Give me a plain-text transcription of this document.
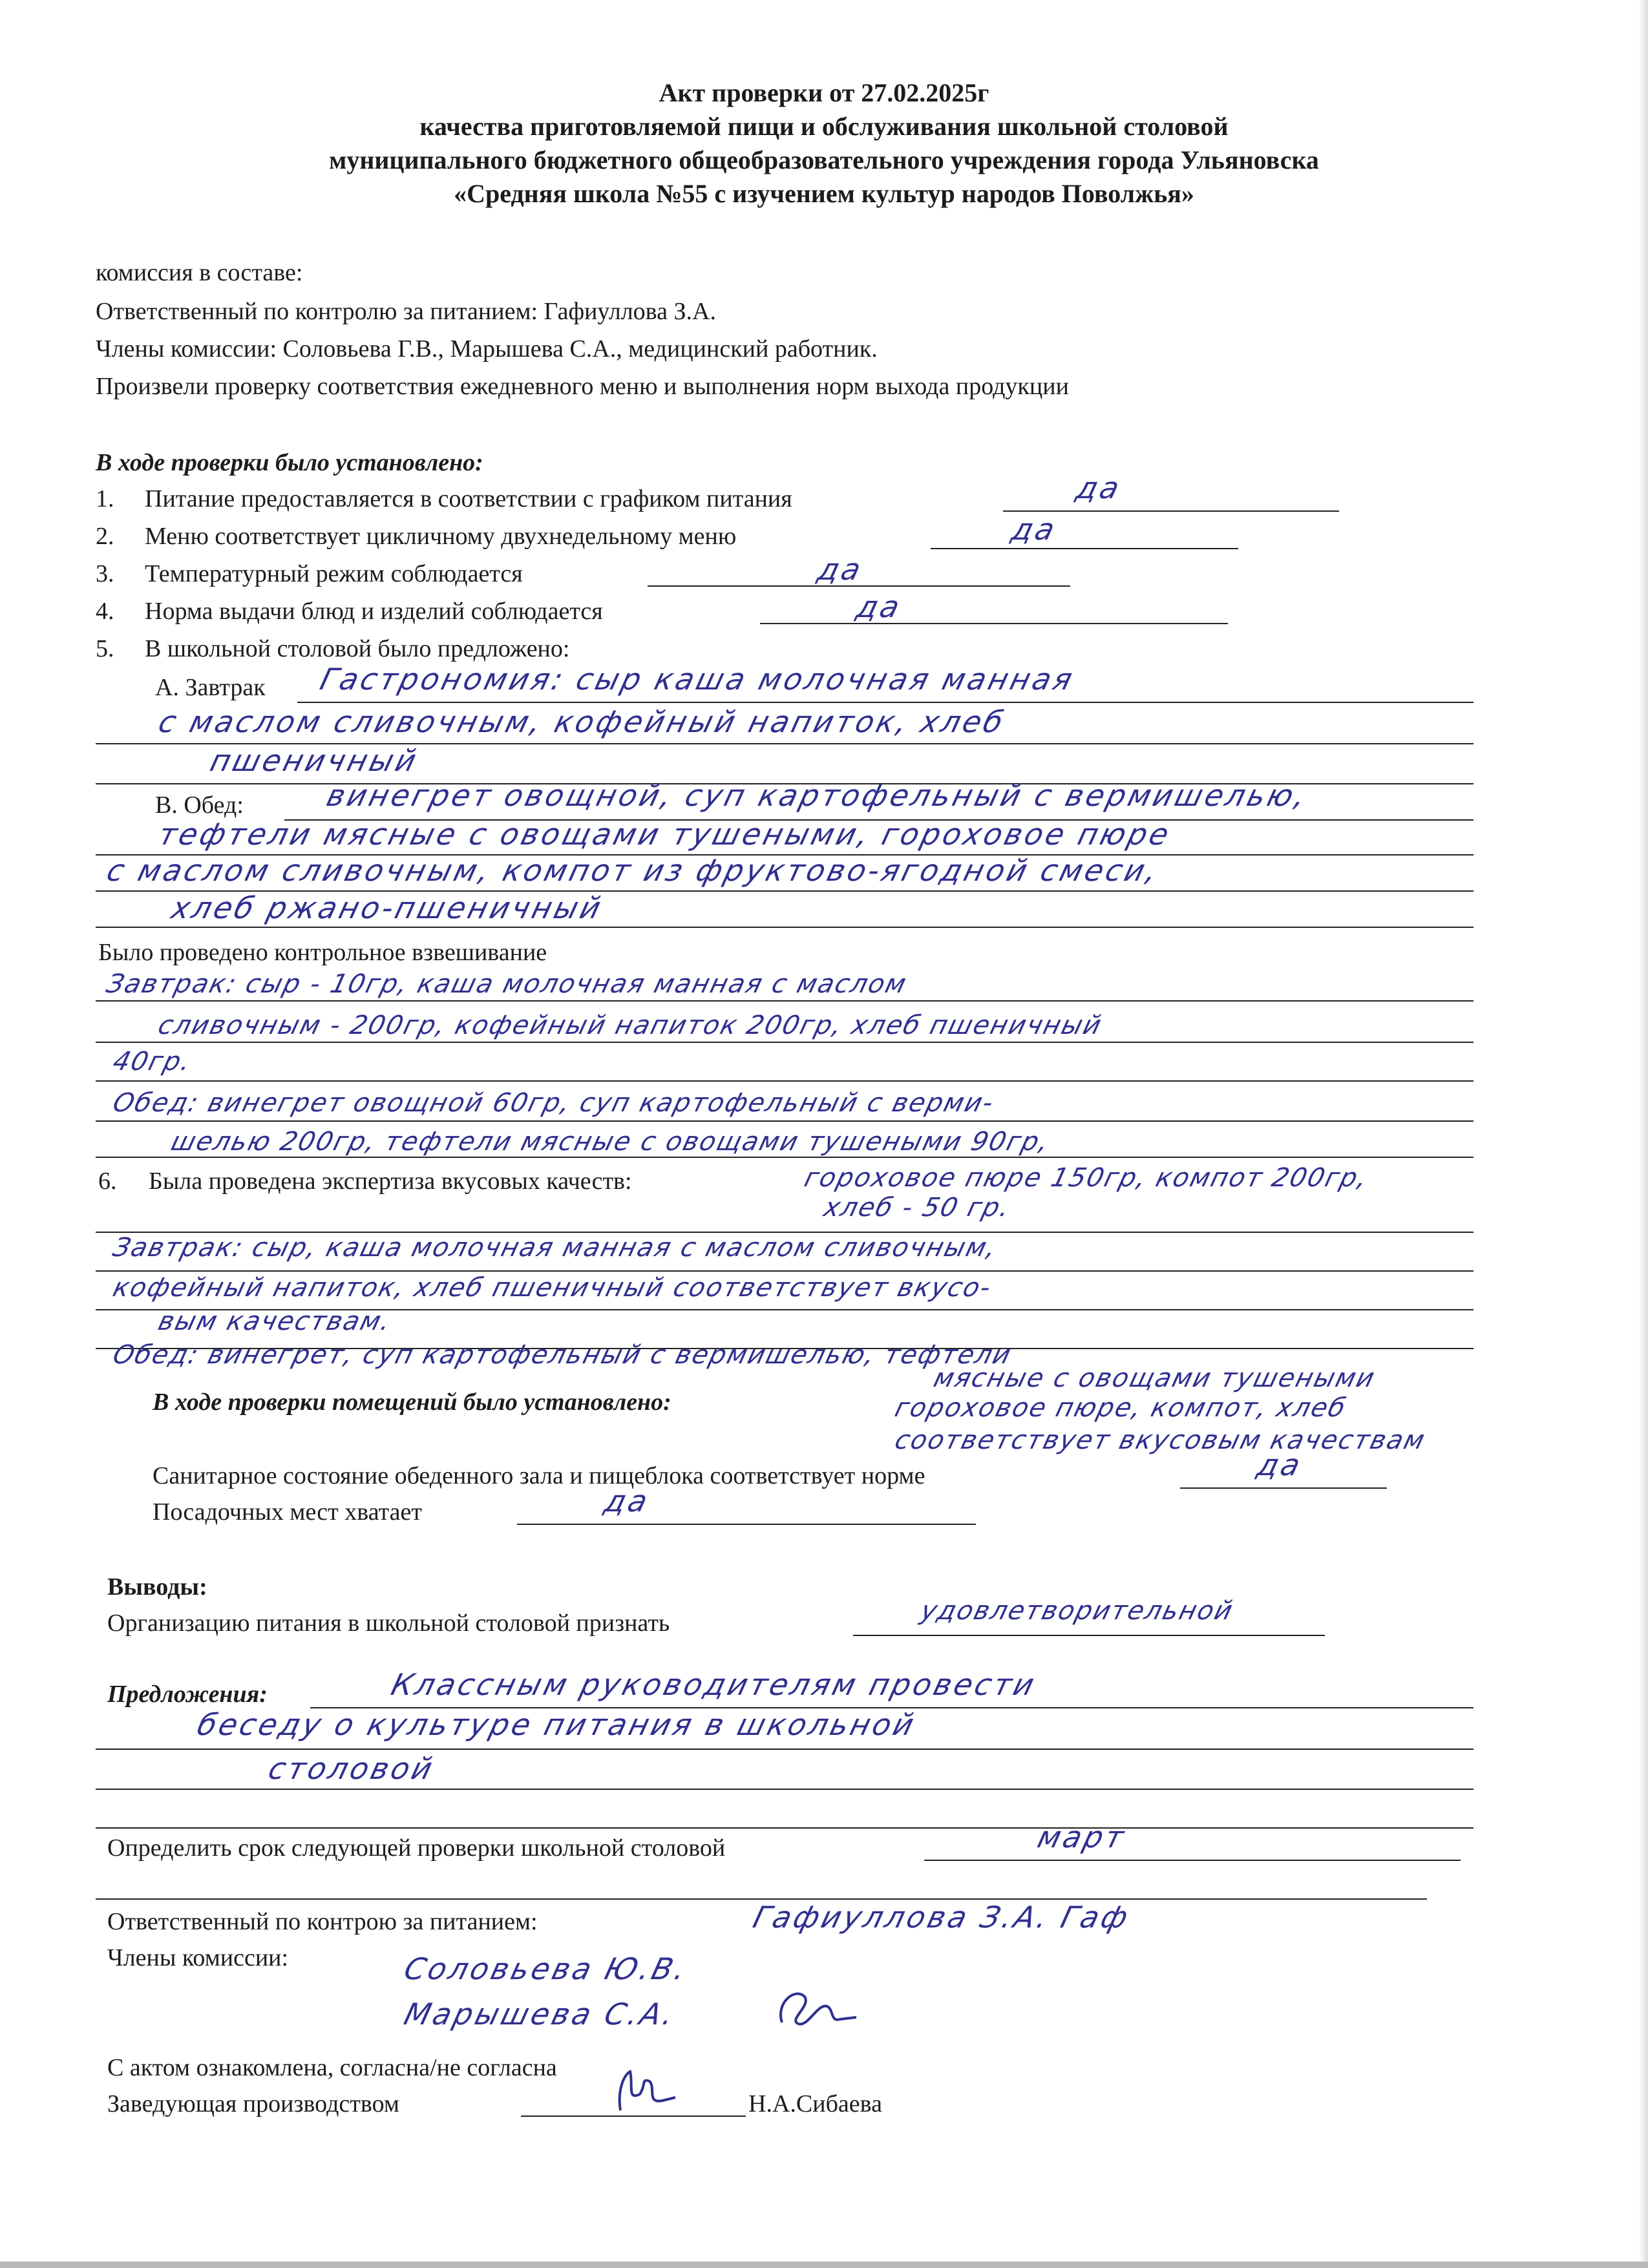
Акт проверки от 27.02.2025г
качества приготовляемой пищи и обслуживания школьной столовой
муниципального бюджетного общеобразовательного учреждения города Ульяновска
«Средняя школа №55 с изучением культур народов Поволжья»
комиссия в составе:
Ответственный по контролю за питанием: Гафиуллова З.А.
Члены комиссии: Соловьева Г.В., Марышева С.А., медицинский работник.
Произвели проверку соответствия ежедневного меню и выполнения норм выхода продукции
В ходе проверки было установлено:
1. Питание предоставляется в соответствии с графиком питания	да
2. Меню соответствует цикличному двухнедельному меню	да
3. Температурный режим соблюдается	да
4. Норма выдачи блюд и изделий соблюдается	да
5. В школьной столовой было предложено:
А. Завтрак Гастрономия: сыр каша молочная манная
с маслом сливочным, кофейный напиток, хлеб
пшеничный
В. Обед:	винегрет овощной, суп картофельный с вермишелью,
тефтели мясные с овощами тушеными, гороховое пюре
с маслом сливочным, компот из фруктово-ягодной смеси,
хлеб ржано-пшеничный
Было проведено контрольное взвешивание
Завтрак: сыр - 10гр, каша молочная манная с маслом
сливочным - 200гр, кофейный напиток 200гр, хлеб пшеничный
40гр.
Обед: винегрет овощной 60гр, суп картофельный с верми-
шелью 200гр, тефтели мясные с овощами тушеными 90гр,
гороховое пюре 150гр, компот 200гр,
хлеб - 50 гр.
6. Была проведена экспертиза вкусовых качеств:
Завтрак: сыр, каша молочная манная с маслом сливочным,
кофейный напиток, хлеб пшеничный соответствует вкусо-
вым качествам.
Обед: винегрет, суп картофельный с вермишелью, тефтели
мясные с овощами тушеными
гороховое пюре, компот, хлеб
соответствует вкусовым качествам
В ходе проверки помещений было установлено:
Санитарное состояние обеденного зала и пищеблока соответствует норме	да
Посадочных мест хватает	да
Выводы:
Организацию питания в школьной столовой признать	удовлетворительной
Предложения:	Классным руководителям провести
беседу о культуре питания в школьной
столовой
Определить срок следующей проверки школьной столовой	март
Ответственный по контрою за питанием:	Гафиуллова З.А. Гаф
Члены комиссии:	Соловьева Ю.В.
Марышева С.А.
С актом ознакомлена, согласна/не согласна
Заведующая производством	Н.А.Сибаева
